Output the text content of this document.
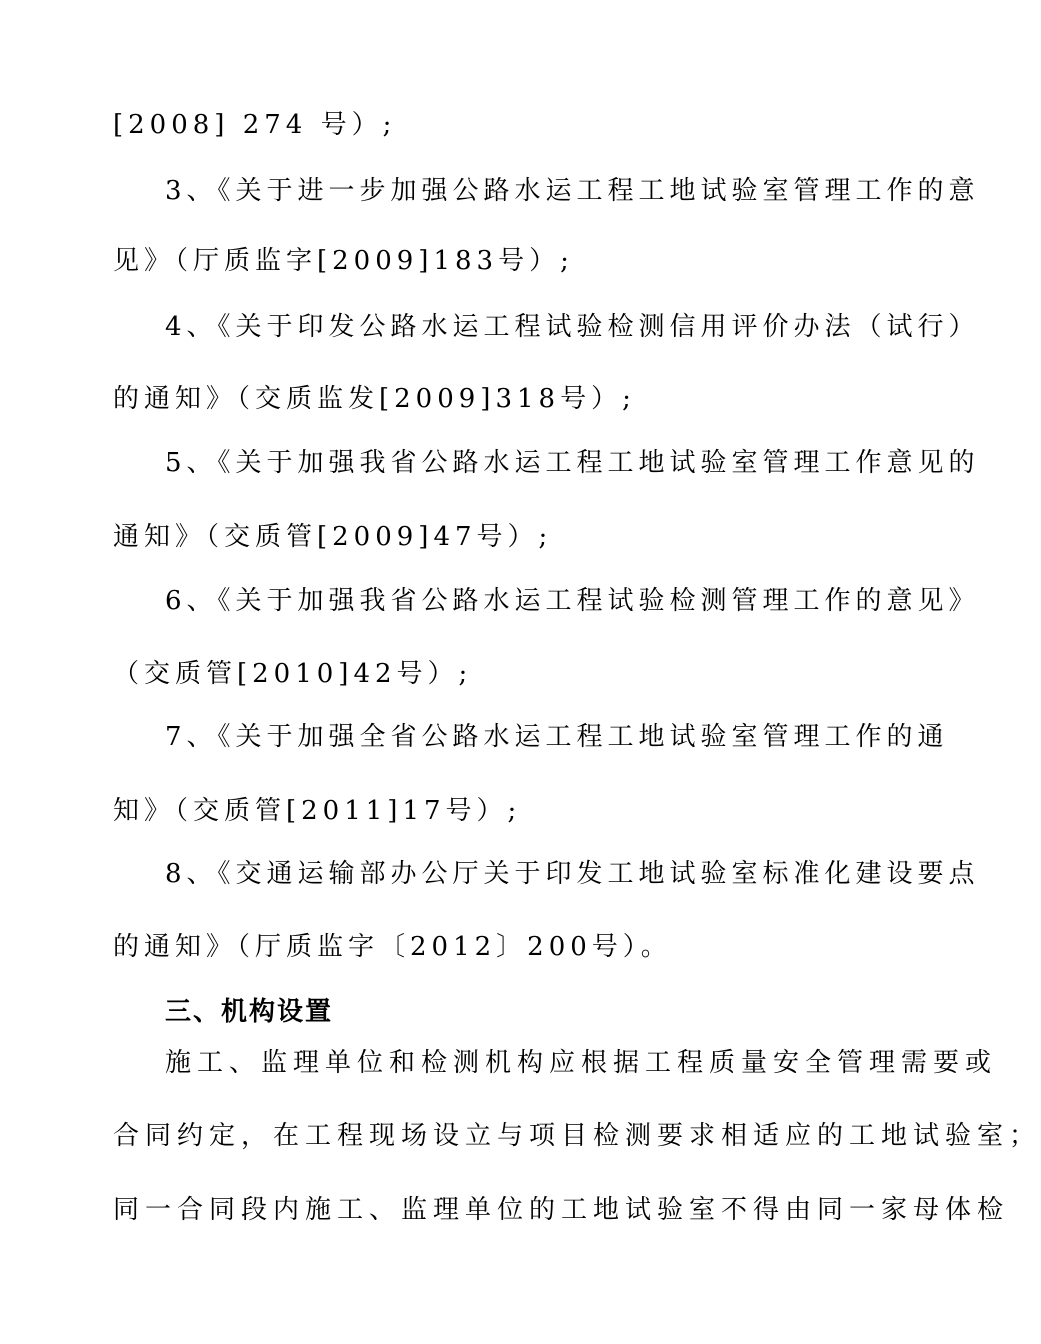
[2008] 274 号）;
3、《关于进一步加强公路水运工程工地试验室管理工作的意
见》（厅质监字[2009]183号）;
4、《关于印发公路水运工程试验检测信用评价办法（试行）
的通知》（交质监发[2009]318号）;
5、《关于加强我省公路水运工程工地试验室管理工作意见的
通知》（交质管[2009]47号）;
6、《关于加强我省公路水运工程试验检测管理工作的意见》
（交质管[2010]42号）;
7、《关于加强全省公路水运工程工地试验室管理工作的通
知》（交质管[2011]17号）;
8、《交通运输部办公厅关于印发工地试验室标准化建设要点
的通知》（厅质监字〔2012〕200号）。
三、机构设置
施工、监理单位和检测机构应根据工程质量安全管理需要或
合同约定，在工程现场设立与项目检测要求相适应的工地试验室；
同一合同段内施工、监理单位的工地试验室不得由同一家母体检
